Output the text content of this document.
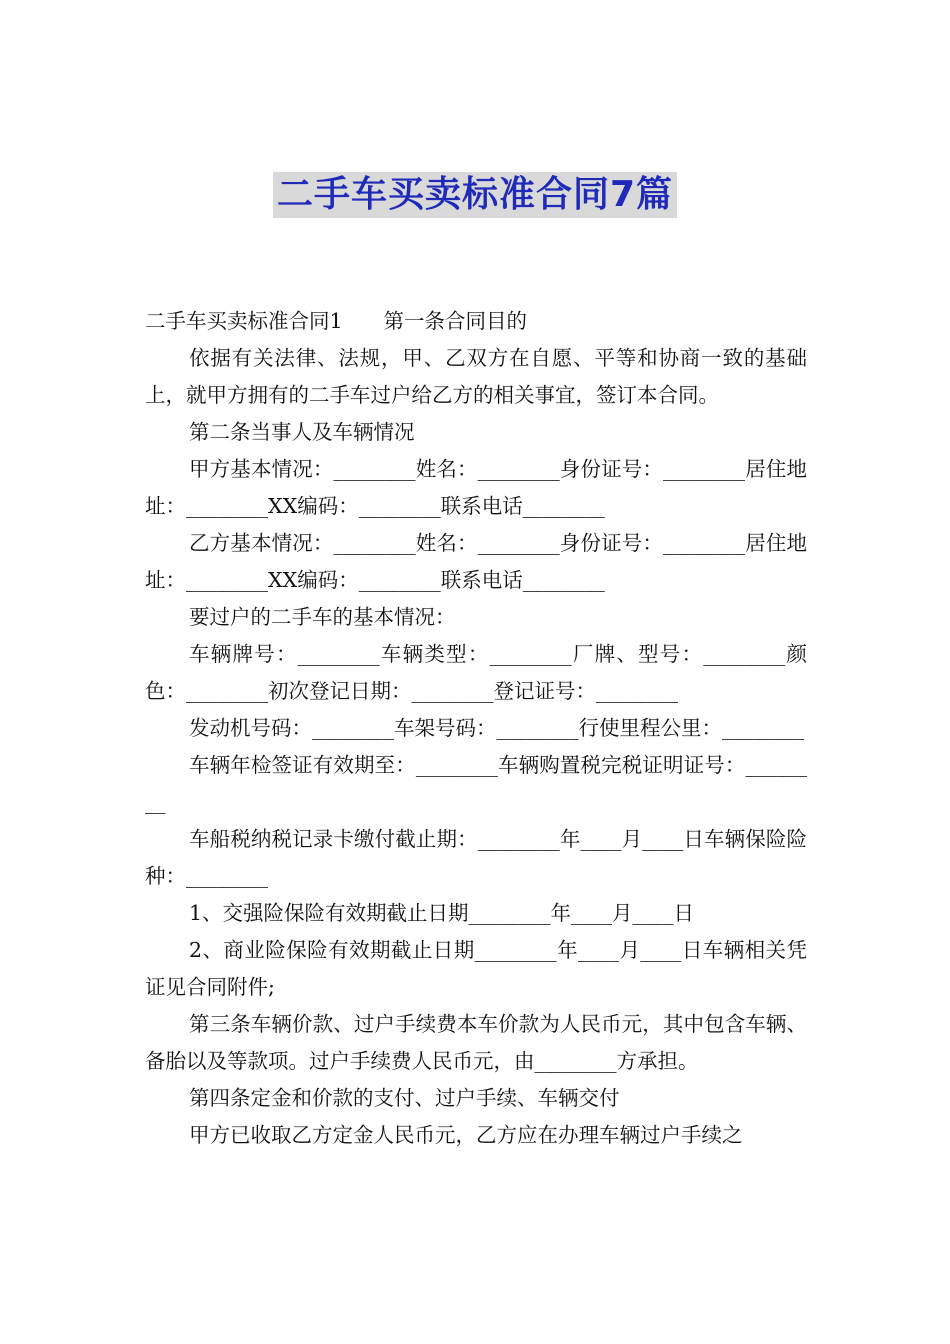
二手车买卖标准合同7篇

二手车买卖标准合同1　　第一条合同目的

依据有关法律、法规，甲、乙双方在自愿、平等和协商一致的基础上，就甲方拥有的二手车过户给乙方的相关事宜，签订本合同。

第二条当事人及车辆情况

甲方基本情况：________姓名：________身份证号：________居住地址：________XX编码：________联系电话________

乙方基本情况：________姓名：________身份证号：________居住地址：________XX编码：________联系电话________

要过户的二手车的基本情况：

车辆牌号：________车辆类型：________厂牌、型号：________颜色：________初次登记日期：________登记证号：________

发动机号码：________车架号码：________行使里程公里：________

车辆年检签证有效期至：________车辆购置税完税证明证号：________

车船税纳税记录卡缴付截止期：________年____月____日车辆保险险种：________

1、交强险保险有效期截止日期________年____月____日

2、商业险保险有效期截止日期________年____月____日车辆相关凭证见合同附件;

第三条车辆价款、过户手续费本车价款为人民币元，其中包含车辆、备胎以及等款项。过户手续费人民币元，由________方承担。

第四条定金和价款的支付、过户手续、车辆交付

甲方已收取乙方定金人民币元，乙方应在办理车辆过户手续之
